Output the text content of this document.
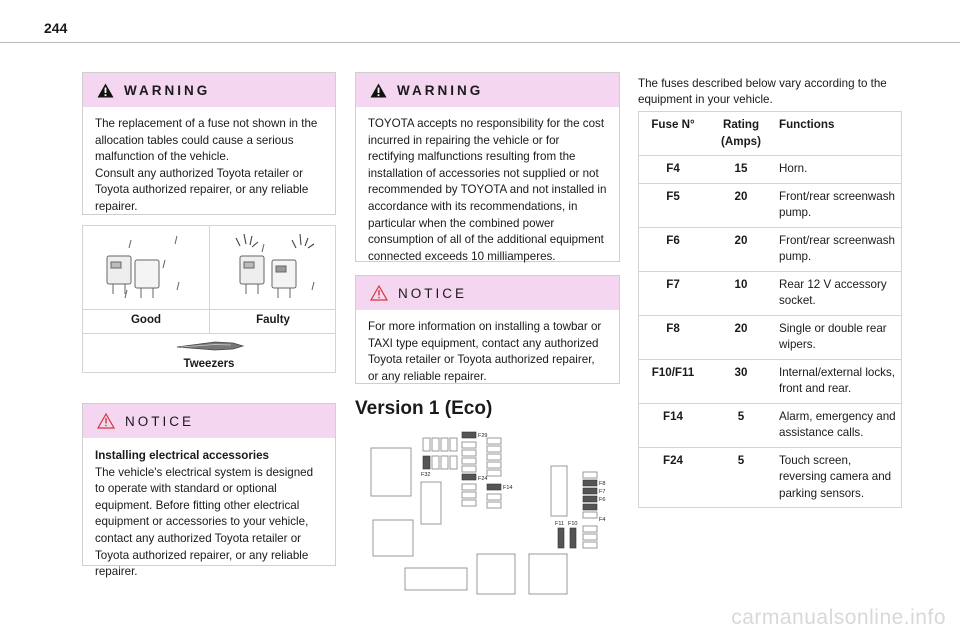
244
WARNING

The replacement of a fuse not shown in the allocation tables could cause a serious malfunction of the vehicle.

Consult any authorized Toyota retailer or Toyota authorized repairer, or any reliable repairer.

Good	Faulty
Tweezers
NOTICE
Installing electrical accessories

The vehicle's electrical system is designed to operate with standard or optional equipment. Before fitting other electrical equipment or accessories to your vehicle, contact any authorized Toyota retailer or Toyota authorized repairer, or any reliable repairer.

WARNING

TOYOTA accepts no responsibility for the cost incurred in repairing the vehicle or for rectifying malfunctions resulting from the installation of accessories not supplied or not recommended by TOYOTA and not installed in accordance with its recommendations, in particular when the combined power consumption of all of the additional equipment connected exceeds 10 milliamperes.

NOTICE

For more information on installing a towbar or TAXI type equipment, contact any authorized Toyota retailer or Toyota authorized repairer, or any reliable repairer.

Version 1 (Eco)
F29
F32
F24
F14
F8
F7
F6
F4
F11 F10
The fuses described below vary according to the equipment in your vehicle.
Fuse N°	Rating (Amps)	Functions
F4	15	Horn.
F5	20	Front/rear screenwash pump.
F6	20	Front/rear screenwash pump.
F7	10	Rear 12 V accessory socket.
F8	20	Single or double rear wipers.
F10/F11	30	Internal/external locks, front and rear.
F14	5	Alarm, emergency and assistance calls.
F24	5	Touch screen, reversing camera and parking sensors.
carmanualsonline.info
